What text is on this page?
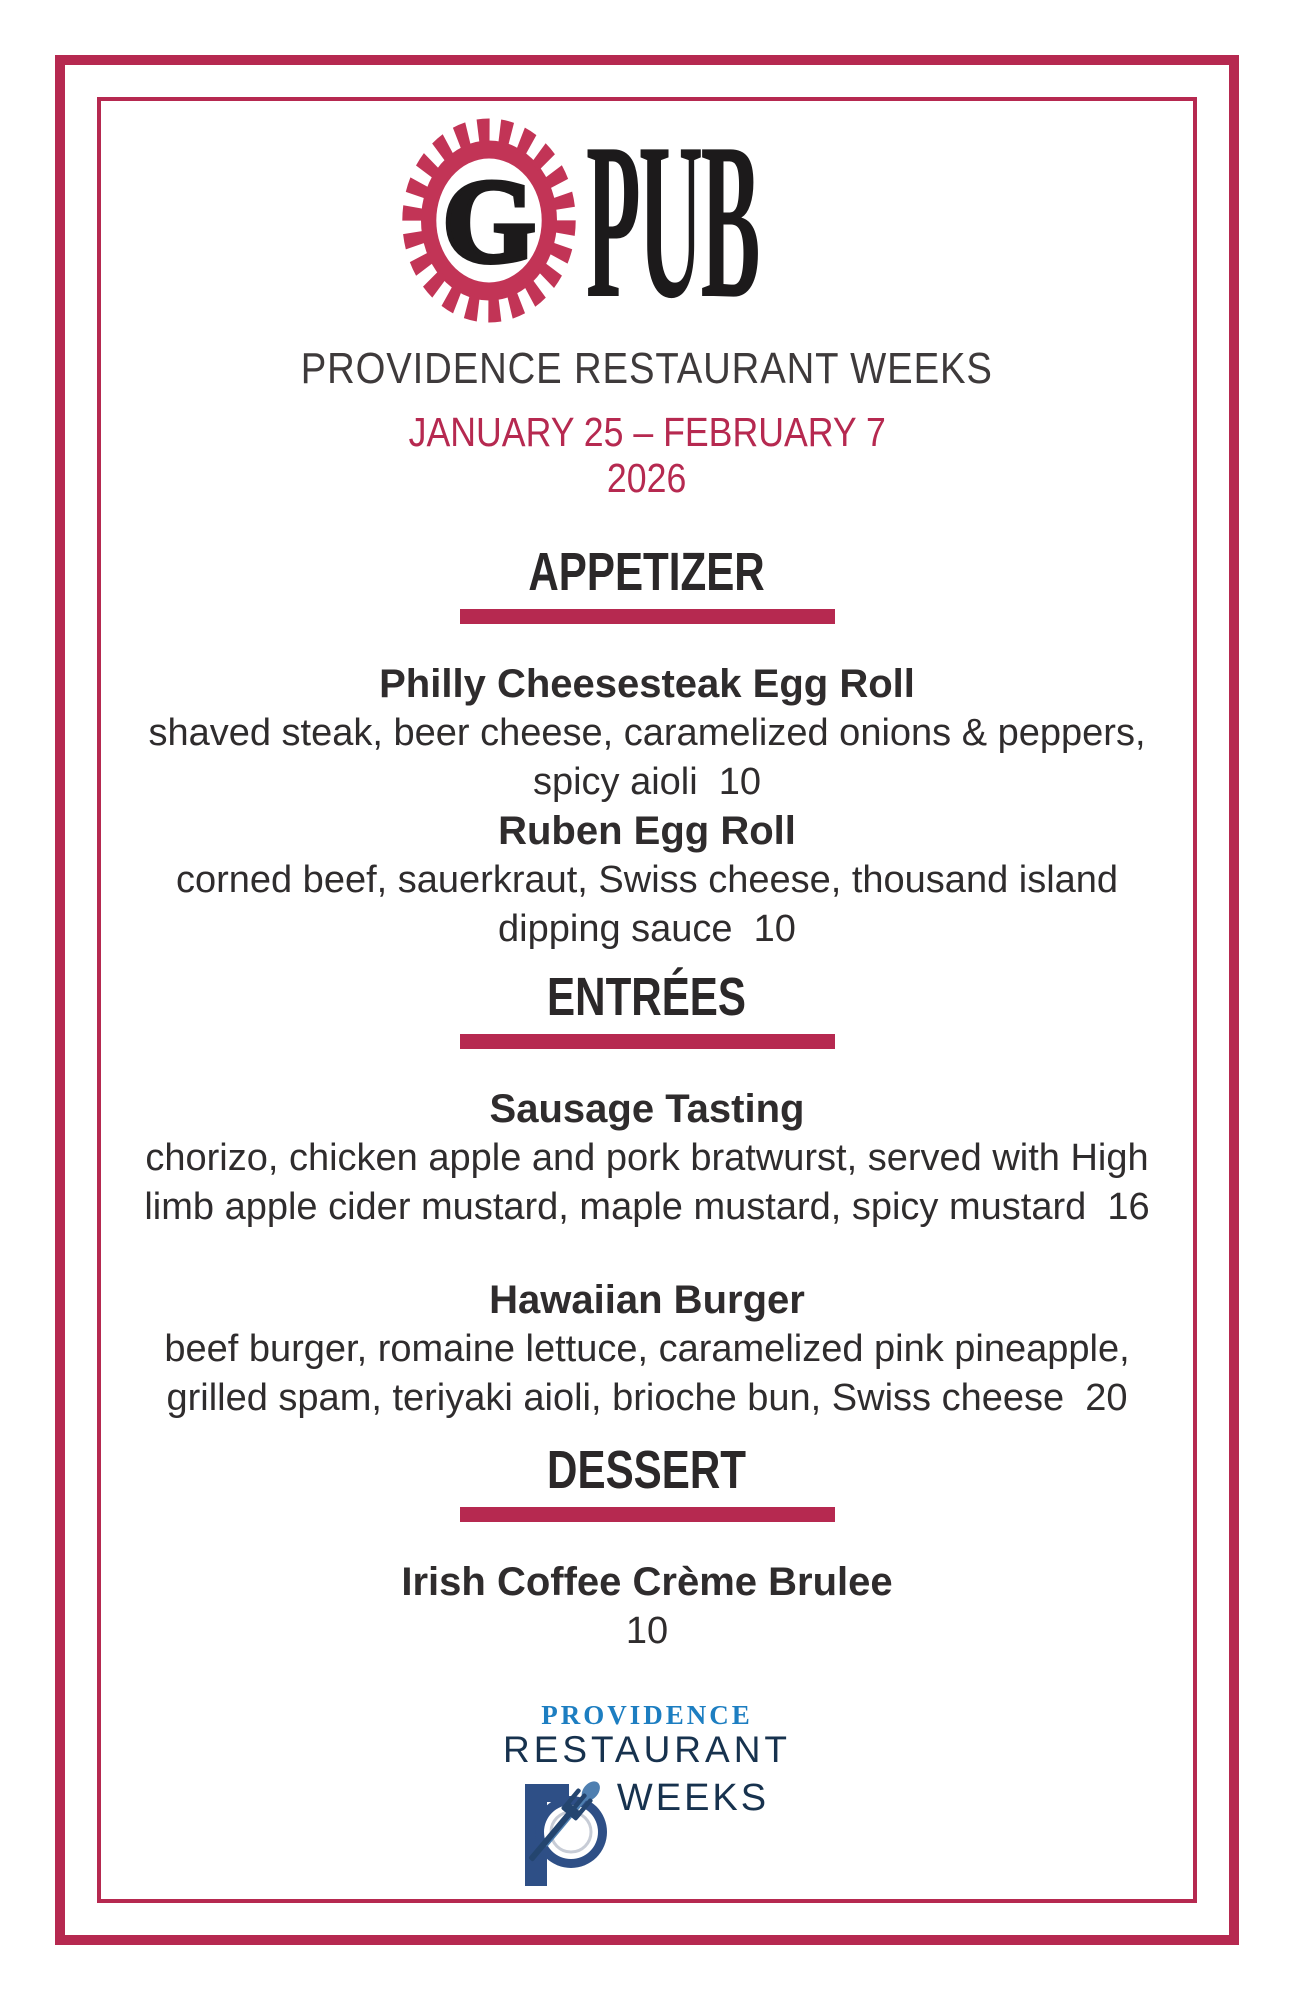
G PUB
PROVIDENCE RESTAURANT WEEKS
JANUARY 25 – FEBRUARY 7
2026
APPETIZER
Philly Cheesesteak Egg Roll
shaved steak, beer cheese, caramelized onions & peppers,
spicy aioli  10
Ruben Egg Roll
corned beef, sauerkraut, Swiss cheese, thousand island
dipping sauce  10
ENTRÉES
Sausage Tasting
chorizo, chicken apple and pork bratwurst, served with High
limb apple cider mustard, maple mustard, spicy mustard  16
Hawaiian Burger
beef burger, romaine lettuce, caramelized pink pineapple,
grilled spam, teriyaki aioli, brioche bun, Swiss cheese  20
DESSERT
Irish Coffee Crème Brulee
10
PROVIDENCE
RESTAURANT
WEEKS
